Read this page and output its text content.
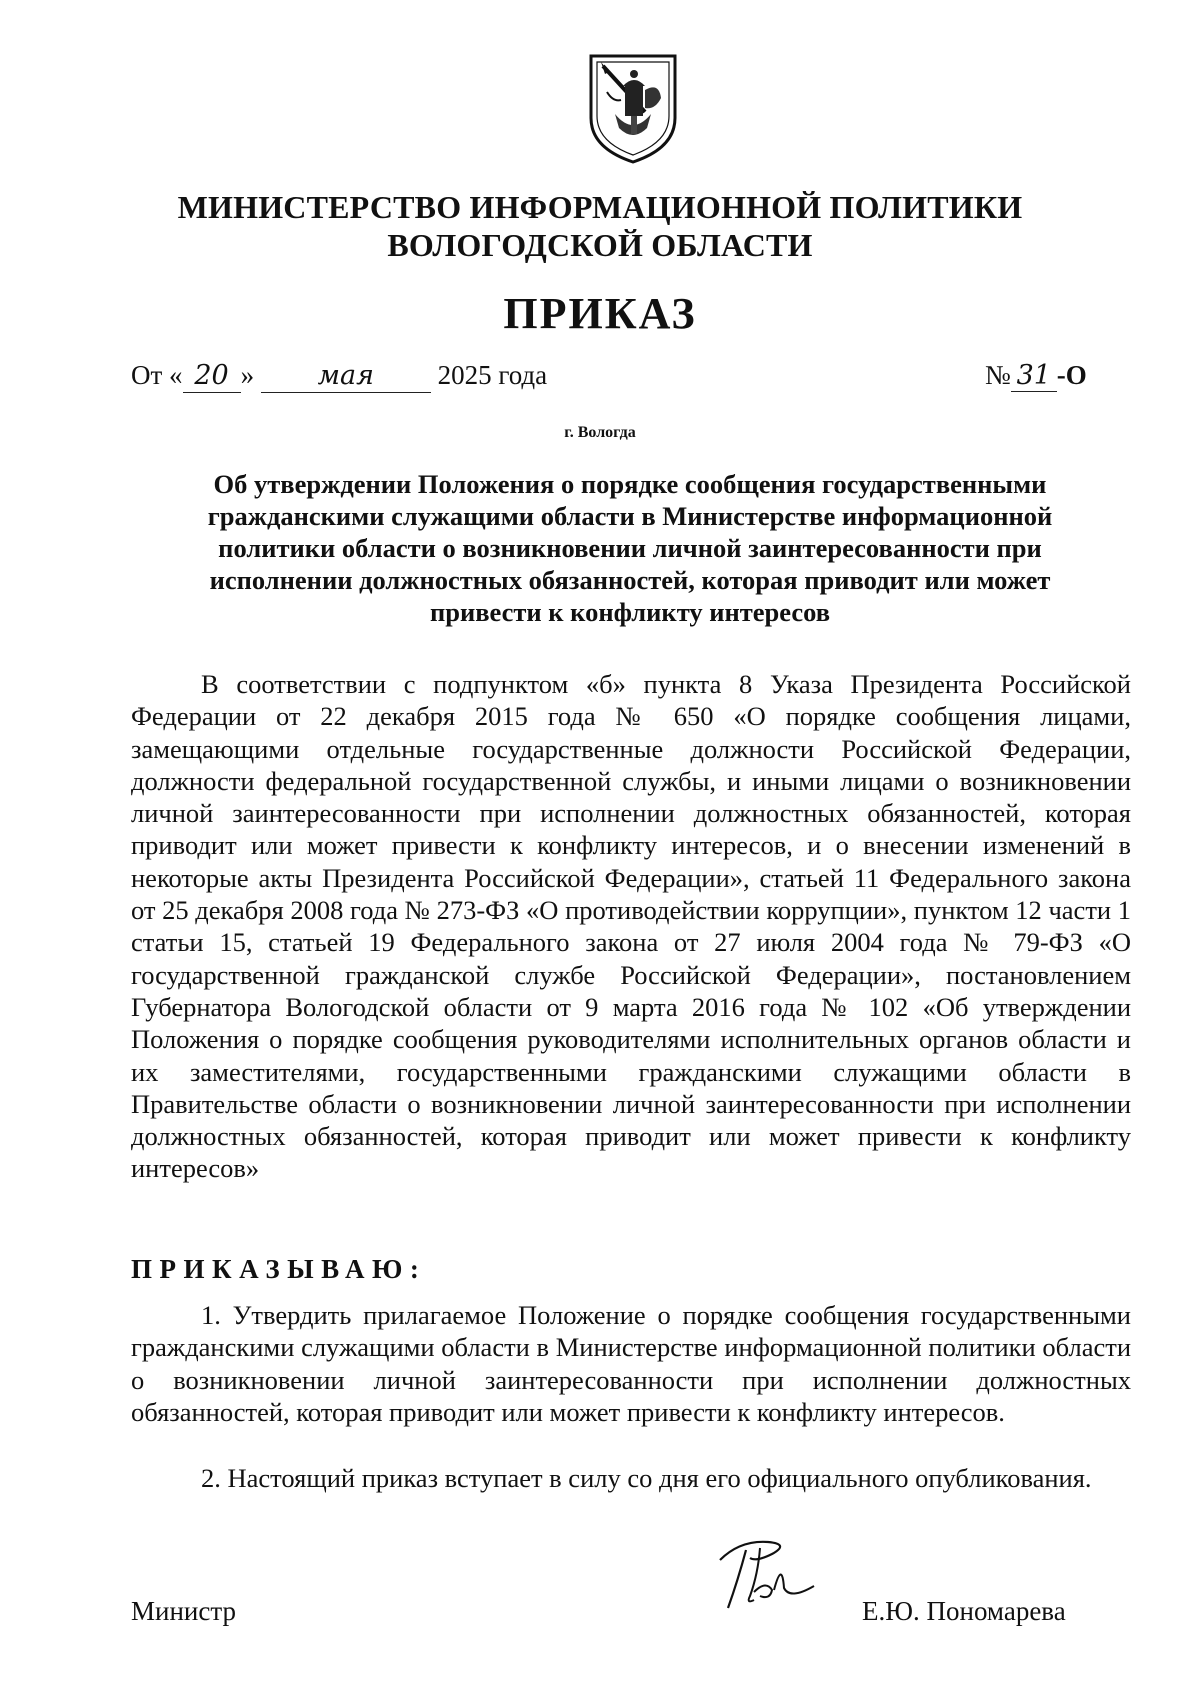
МИНИСТЕРСТВО ИНФОРМАЦИОННОЙ ПОЛИТИКИ
ВОЛОГОДСКОЙ ОБЛАСТИ
ПРИКАЗ
От « 20 » мая 2025 года	№ 31 -О
г. Вологда
Об утверждении Положения о порядке сообщения государственными гражданскими служащими области в Министерстве информационной политики области о возникновении личной заинтересованности при исполнении должностных обязанностей, которая приводит или может привести к конфликту интересов
В соответствии с подпунктом «б» пункта 8 Указа Президента Российской Федерации от 22 декабря 2015 года № 650 «О порядке сообщения лицами, замещающими отдельные государственные должности Российской Федерации, должности федеральной государственной службы, и иными лицами о возникновении личной заинтересованности при исполнении должностных обязанностей, которая приводит или может привести к конфликту интересов, и о внесении изменений в некоторые акты Президента Российской Федерации», статьей 11 Федерального закона от 25 декабря 2008 года № 273-ФЗ «О противодействии коррупции», пунктом 12 части 1 статьи 15, статьей 19 Федерального закона от 27 июля 2004 года № 79-ФЗ «О государственной гражданской службе Российской Федерации», постановлением Губернатора Вологодской области от 9 марта 2016 года № 102 «Об утверждении Положения о порядке сообщения руководителями исполнительных органов области и их заместителями, государственными гражданскими служащими области в Правительстве области о возникновении личной заинтересованности при исполнении должностных обязанностей, которая приводит или может привести к конфликту интересов»
ПРИКАЗЫВАЮ:
1. Утвердить прилагаемое Положение о порядке сообщения государственными гражданскими служащими области в Министерстве информационной политики области о возникновении личной заинтересованности при исполнении должностных обязанностей, которая приводит или может привести к конфликту интересов.
2. Настоящий приказ вступает в силу со дня его официального опубликования.
Министр	Е.Ю. Пономарева
